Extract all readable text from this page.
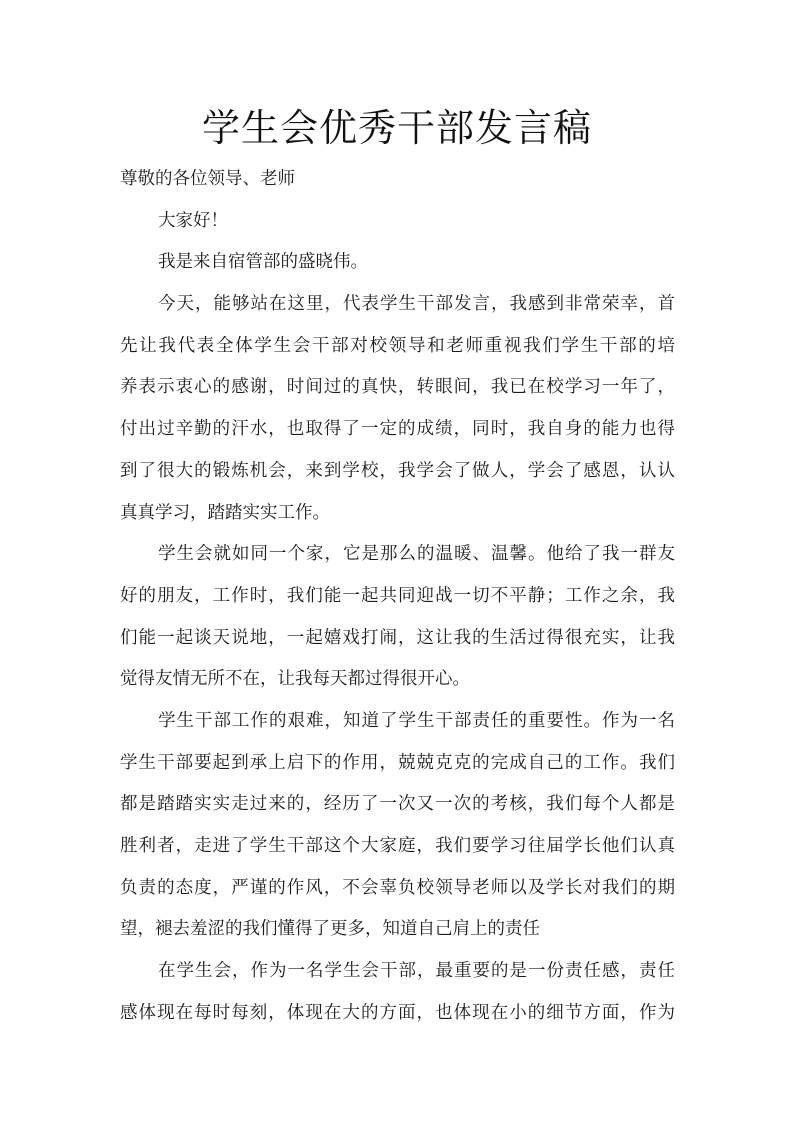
学生会优秀干部发言稿
尊敬的各位领导、老师
大家好！
我是来自宿管部的盛晓伟。
今天，能够站在这里，代表学生干部发言，我感到非常荣幸，首
先让我代表全体学生会干部对校领导和老师重视我们学生干部的培
养表示衷心的感谢，时间过的真快，转眼间，我已在校学习一年了，
付出过辛勤的汗水，也取得了一定的成绩，同时，我自身的能力也得
到了很大的锻炼机会，来到学校，我学会了做人，学会了感恩，认认
真真学习，踏踏实实工作。
学生会就如同一个家，它是那么的温暖、温馨。他给了我一群友
好的朋友，工作时，我们能一起共同迎战一切不平静；工作之余，我
们能一起谈天说地，一起嬉戏打闹，这让我的生活过得很充实，让我
觉得友情无所不在，让我每天都过得很开心。
学生干部工作的艰难，知道了学生干部责任的重要性。作为一名
学生干部要起到承上启下的作用，兢兢克克的完成自己的工作。我们
都是踏踏实实走过来的，经历了一次又一次的考核，我们每个人都是
胜利者，走进了学生干部这个大家庭，我们要学习往届学长他们认真
负责的态度，严谨的作风，不会辜负校领导老师以及学长对我们的期
望，褪去羞涩的我们懂得了更多，知道自己肩上的责任
在学生会，作为一名学生会干部，最重要的是一份责任感，责任
感体现在每时每刻，体现在大的方面，也体现在小的细节方面，作为
